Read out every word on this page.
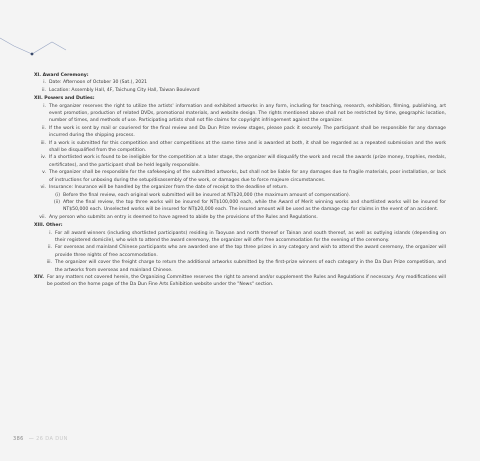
XI. Award Ceremony:
i. Date: Afternoon of October 30 (Sat.), 2021
ii. Location: Assembly Hall, 4F, Taichung City Hall, Taiwan Boulevard
XII. Powers and Duties:
i. The organizer reserves the right to utilize the artists' information and exhibited artworks in any form, including for teaching, research, exhibition, filming, publishing, art event promotion, production of related DVDs, promotional materials, and website design. The rights mentioned above shall not be restricted by time, geographic location, number of times, and methods of use. Participating artists shall not file claims for copyright infringement against the organizer.
ii. If the work is sent by mail or couriered for the final review and Da Dun Prize review stages, please pack it securely. The participant shall be responsible for any damage incurred during the shipping process.
iii. If a work is submitted for this competition and other competitions at the same time and is awarded at both, it shall be regarded as a repeated submission and the work shall be disqualified from the competition.
iv. If a shortlisted work is found to be ineligible for the competition at a later stage, the organizer will disqualify the work and recall the awards (prize money, trophies, medals, certificates), and the participant shall be held legally responsible.
v. The organizer shall be responsible for the safekeeping of the submitted artworks, but shall not be liable for any damages due to fragile materials, poor installation, or lack of instructions for unboxing during the setup/disassembly of the work, or damages due to force majeure circumstances.
vi. Insurance: Insurance will be handled by the organizer from the date of receipt to the deadline of return.
(i) Before the final review, each original work submitted will be insured at NT$20,000 (the maximum amount of compensation).
(ii) After the final review, the top three works will be insured for NT$100,000 each, while the Award of Merit winning works and shortlisted works will be insured for NT$50,000 each. Unselected works will be insured for NT$20,000 each. The insured amount will be used as the damage cap for claims in the event of an accident.
vii. Any person who submits an entry is deemed to have agreed to abide by the provisions of the Rules and Regulations.
XIII. Other:
i. For all award winners (including shortlisted participants) residing in Taoyuan and north thereof or Tainan and south thereof, as well as outlying islands (depending on their registered domicile), who wish to attend the award ceremony, the organizer will offer free accommodation for the evening of the ceremony.
ii. For overseas and mainland Chinese participants who are awarded one of the top three prizes in any category and wish to attend the award ceremony, the organizer will provide three nights of free accommodation.
iii. The organizer will cover the freight charge to return the additional artworks submitted by the first-prize winners of each category in the Da Dun Prize competition, and the artworks from overseas and mainland Chinese.
XIV. For any matters not covered herein, the Organizing Committee reserves the right to amend and/or supplement the Rules and Regulations if necessary. Any modifications will be posted on the home page of the Da Dun Fine Arts Exhibition website under the "News" section.
386 — 26 DA DUN
